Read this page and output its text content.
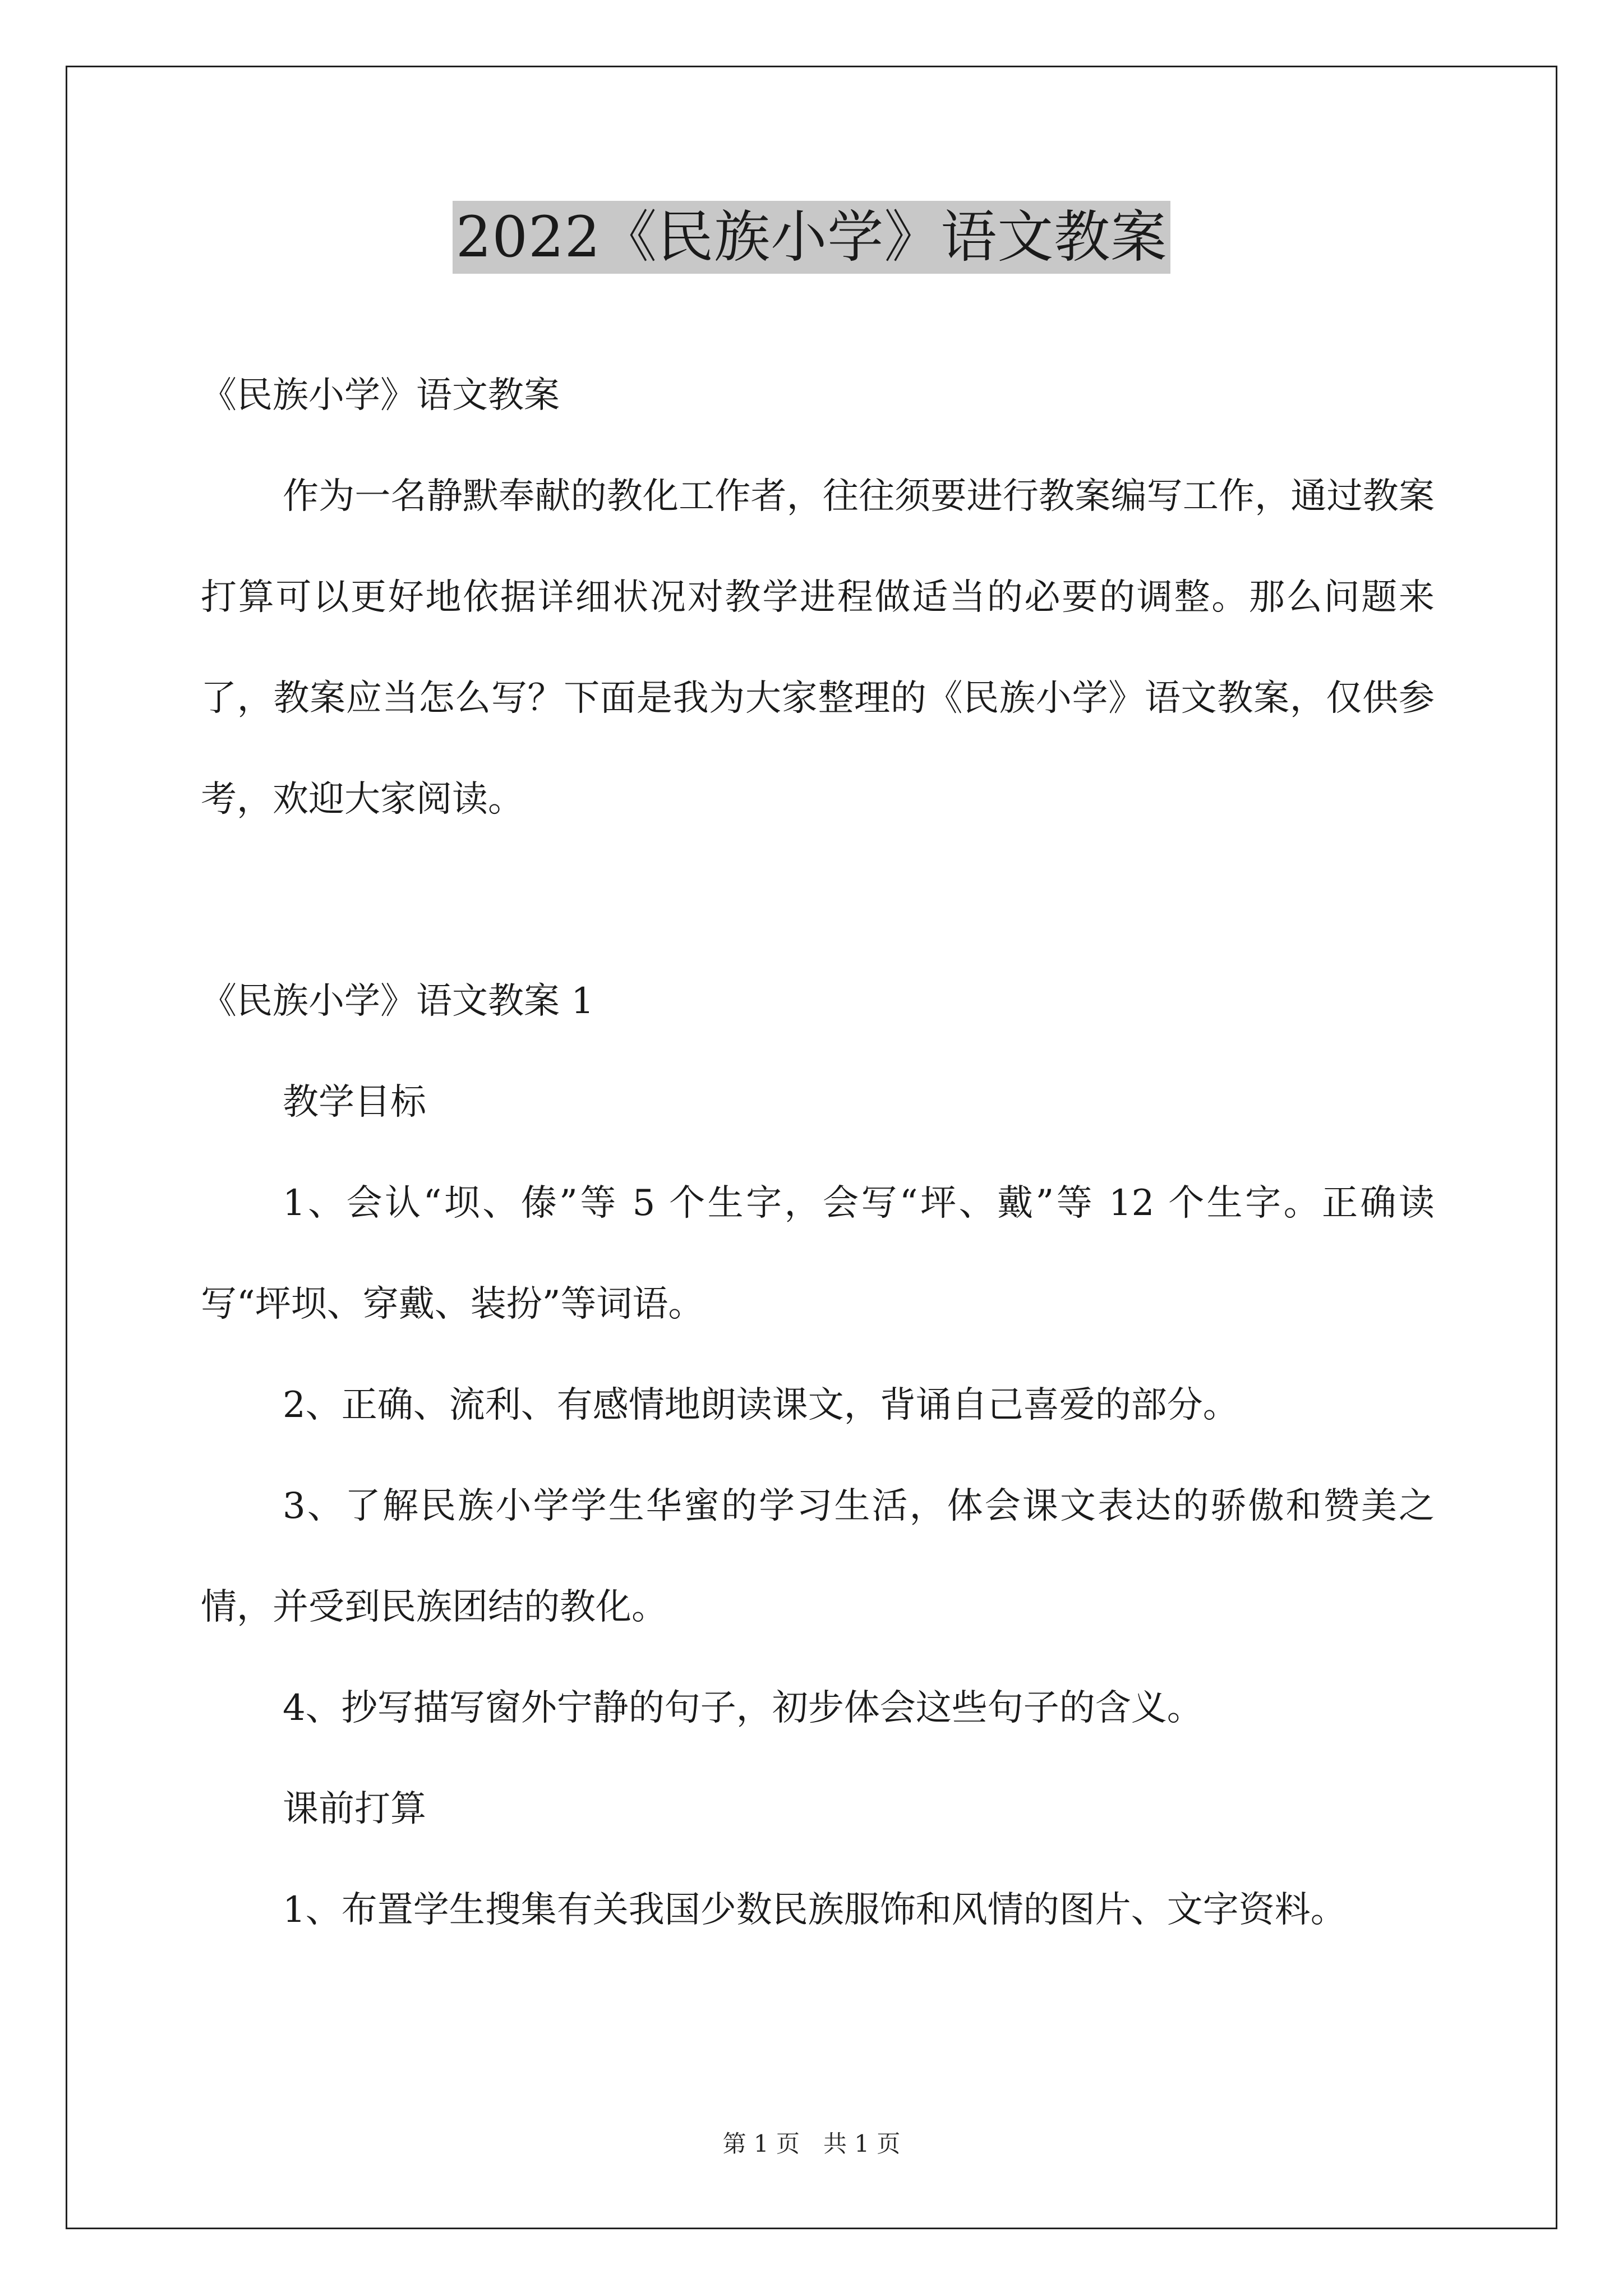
2022《民族小学》语文教案

《民族小学》语文教案

作为一名静默奉献的教化工作者，往往须要进行教案编写工作，通过教案打算可以更好地依据详细状况对教学进程做适当的必要的调整。那么问题来了，教案应当怎么写？下面是我为大家整理的《民族小学》语文教案，仅供参考，欢迎大家阅读。

《民族小学》语文教案 1

教学目标

1、会认“坝、傣”等 5 个生字，会写“坪、戴”等 12 个生字。正确读写“坪坝、穿戴、装扮”等词语。

2、正确、流利、有感情地朗读课文，背诵自己喜爱的部分。

3、了解民族小学学生华蜜的学习生活，体会课文表达的骄傲和赞美之情，并受到民族团结的教化。

4、抄写描写窗外宁静的句子，初步体会这些句子的含义。

课前打算

1、布置学生搜集有关我国少数民族服饰和风情的图片、文字资料。

第 1 页 共 1 页
